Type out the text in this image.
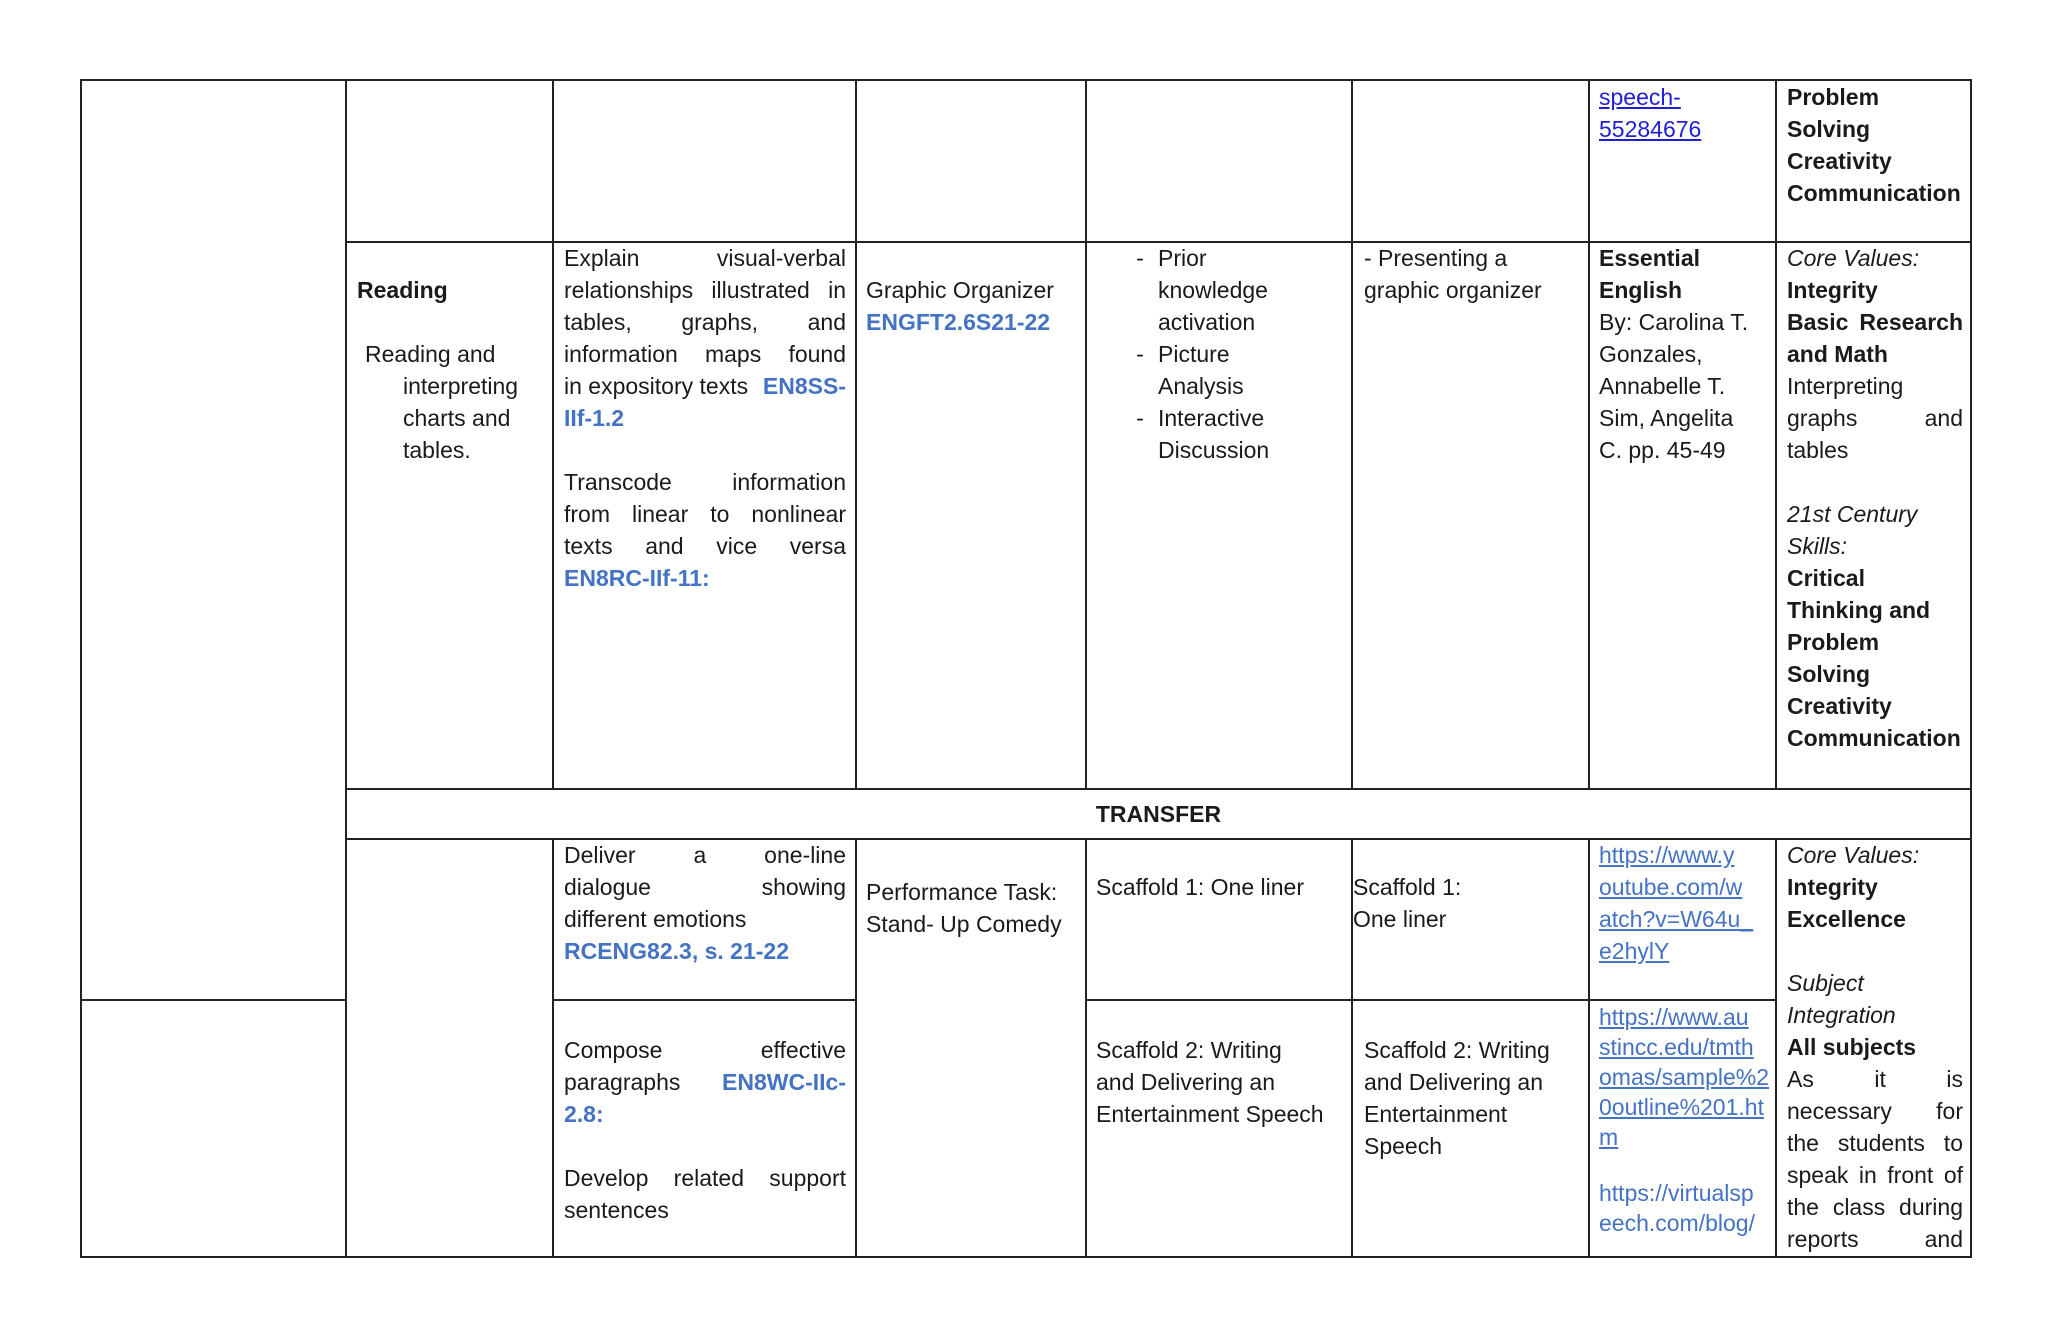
speech-
55284676
Problem
Solving
Creativity
Communication
Reading
Reading and
interpreting
charts and
tables.
Explain visual-verbal
relationships illustrated in
tables, graphs, and
information maps found
in expository texts EN8SS-
IIf-1.2
Transcode information
from linear to nonlinear
texts and vice versa
EN8RC-IIf-11:
Graphic Organizer
ENGFT2.6S21-22
- Prior
knowledge
activation
- Picture
Analysis
- Interactive
Discussion
- Presenting a
graphic organizer
Essential
English
By: Carolina T.
Gonzales,
Annabelle T.
Sim, Angelita
C. pp. 45-49
Core Values:
Integrity
Basic Research
and Math
Interpreting
graphs and
tables
21st Century
Skills:
Critical
Thinking and
Problem
Solving
Creativity
Communication
TRANSFER
Deliver a one-line
dialogue showing
different emotions
RCENG82.3, s. 21-22
Performance Task:
Stand- Up Comedy
Scaffold 1: One liner	Scaffold 1:
One liner
https://www.y
outube.com/w
atch?v=W64u_
e2hylY
Core Values:
Integrity
Excellence
Subject
Integration
All subjects
As it is
necessary for
the students to
speak in front of
the class during
reports and
Compose effective
paragraphs EN8WC-IIc-
2.8:
Develop related support
sentences
Scaffold 2: Writing
and Delivering an
Entertainment Speech
Scaffold 2: Writing
and Delivering an
Entertainment
Speech
https://www.au
stincc.edu/tmth
omas/sample%2
0outline%201.ht
m
https://virtualsp
eech.com/blog/
